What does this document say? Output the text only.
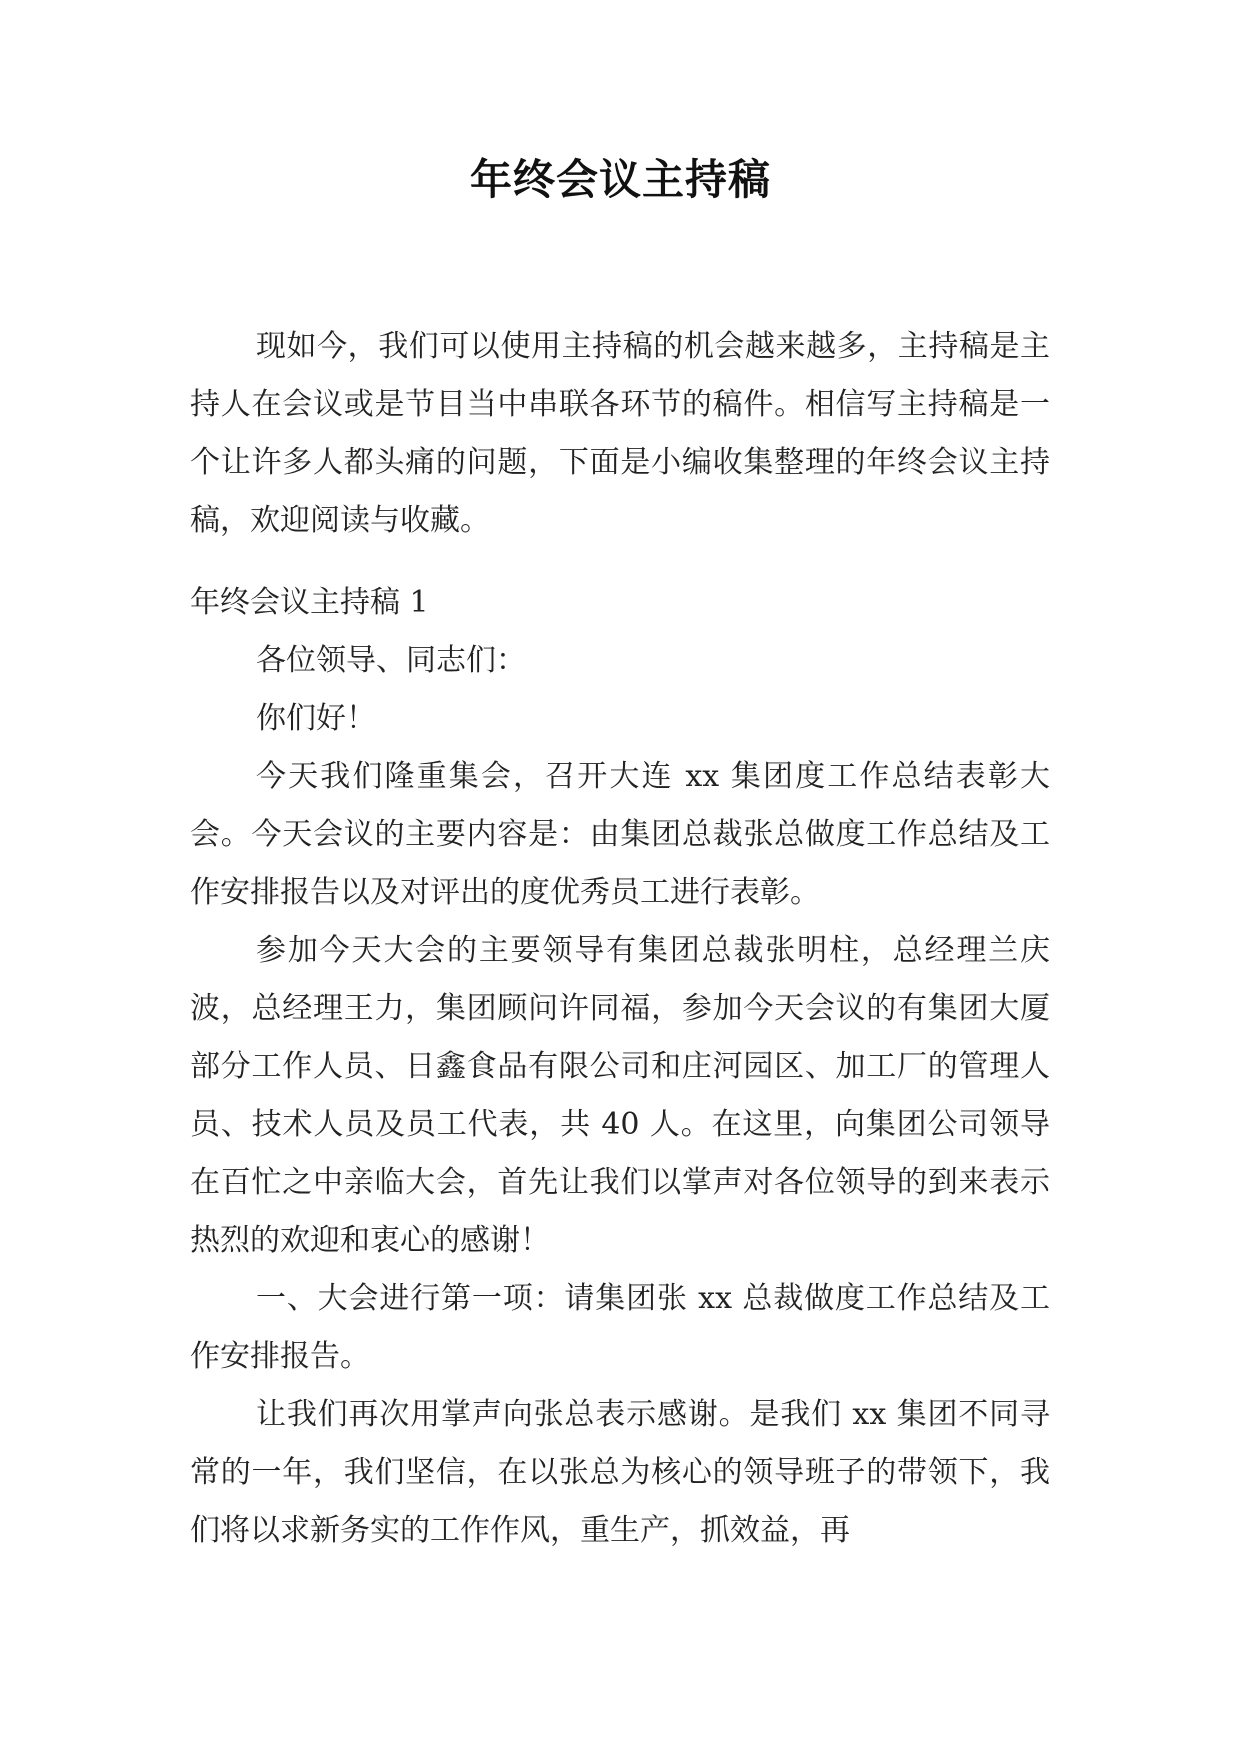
年终会议主持稿

现如今，我们可以使用主持稿的机会越来越多，主持稿是主持人在会议或是节目当中串联各环节的稿件。相信写主持稿是一个让许多人都头痛的问题，下面是小编收集整理的年终会议主持稿，欢迎阅读与收藏。

年终会议主持稿 1

各位领导、同志们：

你们好！

今天我们隆重集会，召开大连 xx 集团度工作总结表彰大会。今天会议的主要内容是：由集团总裁张总做度工作总结及工作安排报告以及对评出的度优秀员工进行表彰。

参加今天大会的主要领导有集团总裁张明柱，总经理兰庆波，总经理王力，集团顾问许同福，参加今天会议的有集团大厦部分工作人员、日鑫食品有限公司和庄河园区、加工厂的管理人员、技术人员及员工代表，共 40 人。在这里，向集团公司领导在百忙之中亲临大会，首先让我们以掌声对各位领导的到来表示热烈的欢迎和衷心的感谢！

一、大会进行第一项：请集团张 xx 总裁做度工作总结及工作安排报告。

让我们再次用掌声向张总表示感谢。是我们 xx 集团不同寻常的一年，我们坚信，在以张总为核心的领导班子的带领下，我们将以求新务实的工作作风，重生产，抓效益，再
